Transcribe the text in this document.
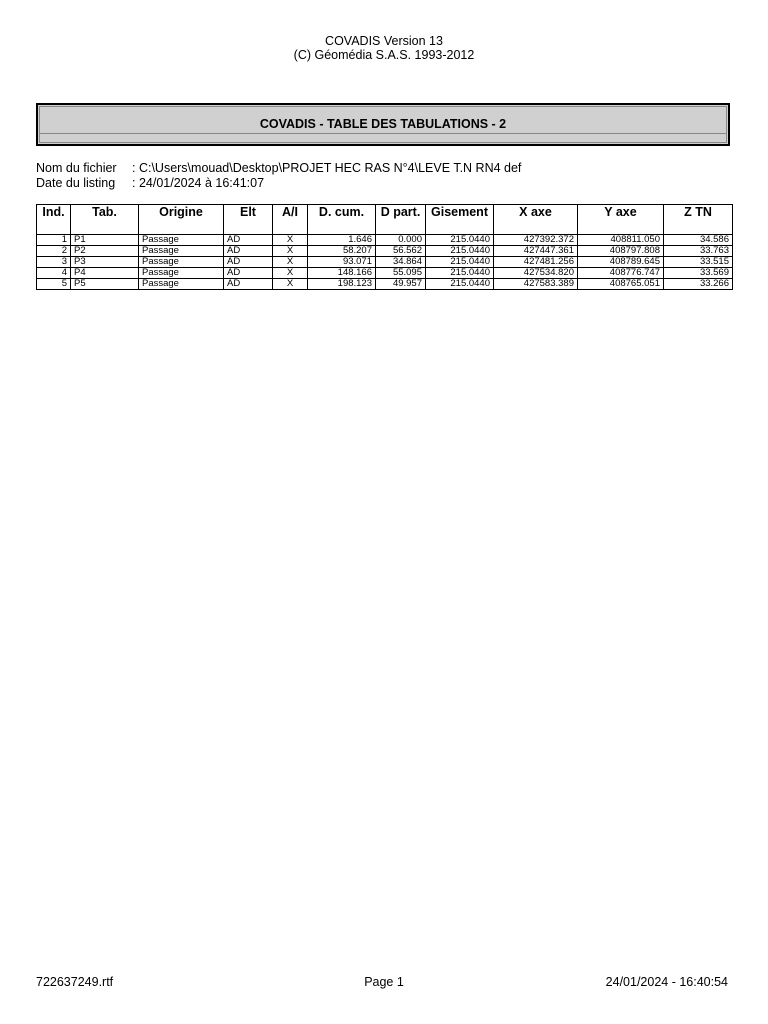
COVADIS Version 13
(C) Géomédia S.A.S. 1993-2012
COVADIS - TABLE DES TABULATIONS - 2
Nom du fichier	: C:\Users\mouad\Desktop\PROJET HEC RAS N°4\LEVE T.N RN4 def
Date du listing	: 24/01/2024 à 16:41:07
Ind.	Tab.	Origine	Elt	A/I	D. cum.	D part.	Gisement	X axe	Y axe	Z TN
1	P1	Passage	AD	X	1.646	0.000	215.0440	427392.372	408811.050	34.586
2	P2	Passage	AD	X	58.207	56.562	215.0440	427447.361	408797.808	33.763
3	P3	Passage	AD	X	93.071	34.864	215.0440	427481.256	408789.645	33.515
4	P4	Passage	AD	X	148.166	55.095	215.0440	427534.820	408776.747	33.569
5	P5	Passage	AD	X	198.123	49.957	215.0440	427583.389	408765.051	33.266
722637249.rtf	Page 1	24/01/2024 - 16:40:54
